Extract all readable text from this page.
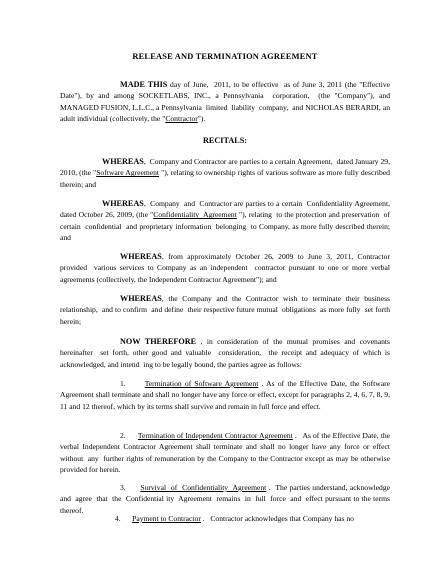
RELEASE AND TERMINATION AGREEMENT

MADE THIS day of June,  2011, to be effective  as of June 3, 2011 (the "Effective Date"), by and among SOCKETLABS, INC., a Pennsylvania  corporation,  (the "Company"), and MANAGED FUSION, L.L.C., a Pennsylvania  limited  liability  company,  and NICHOLAS BERARDI, an adult individual (collectively, the "Contractor").

RECITALS:

WHEREAS,  Company and Contractor are parties to a certain Agreement,  dated January 29, 2010, (the "Software Agreement "), relating to ownership rights of various software as more fully described therein; and

WHEREAS,  Company  and  Contractor are parties to a certain  Confidentiality Agreement,  dated October 26, 2009, (the "Confidentiality  Agreement "), relating  to the protection and preservation  of certain  confidential  and proprietary information  belonging  to Company, as more fully described therein; and

WHEREAS, from approximately October 26, 2009 to June 3, 2011, Contractor provided  various services to Company as an independent  contractor pursuant to one or more verbal agreements (collectively, the Independent Contractor Agreement"); and

WHEREAS, the Company and the Contractor wish to terminate their business relationship,  and to confirm  and define  their respective future mutual  obligations  as more fully  set forth herein;

NOW THEREFORE , in consideration of the mutual promises and covenants hereinafter  set forth, other good and valuable  consideration,  the receipt and adequacy of which is acknowledged, and intend  ing to be legally bound, the parties agree as follows:

1.	Termination of Software Agreement . As of the Effective Date, the Software Agreement shall terminate and shall no longer have any force or effect, except for paragraphs 2, 4, 6, 7, 8, 9, 11 and 12 thereof, which by its terms shall survive and remain in full force and effect.

2. Termination of Independent Contractor Agreement .   As of the Effective Date, the verbal Independent Contractor Agreement shall terminate and shall no longer have any force or effect without  any  further rights of remuneration by the Company to the Contractor except as may be otherwise provided for herein.

3. Survival  of  Confidentiality  Agreement .  The parties understand, acknowledge  and  agree  that  the  Confidential ity  Agreement  remains  in  full  force  and  effect pursuant to the terms thereof.

4. Payment to Contractor .   Contractor acknowledges that Company has no
